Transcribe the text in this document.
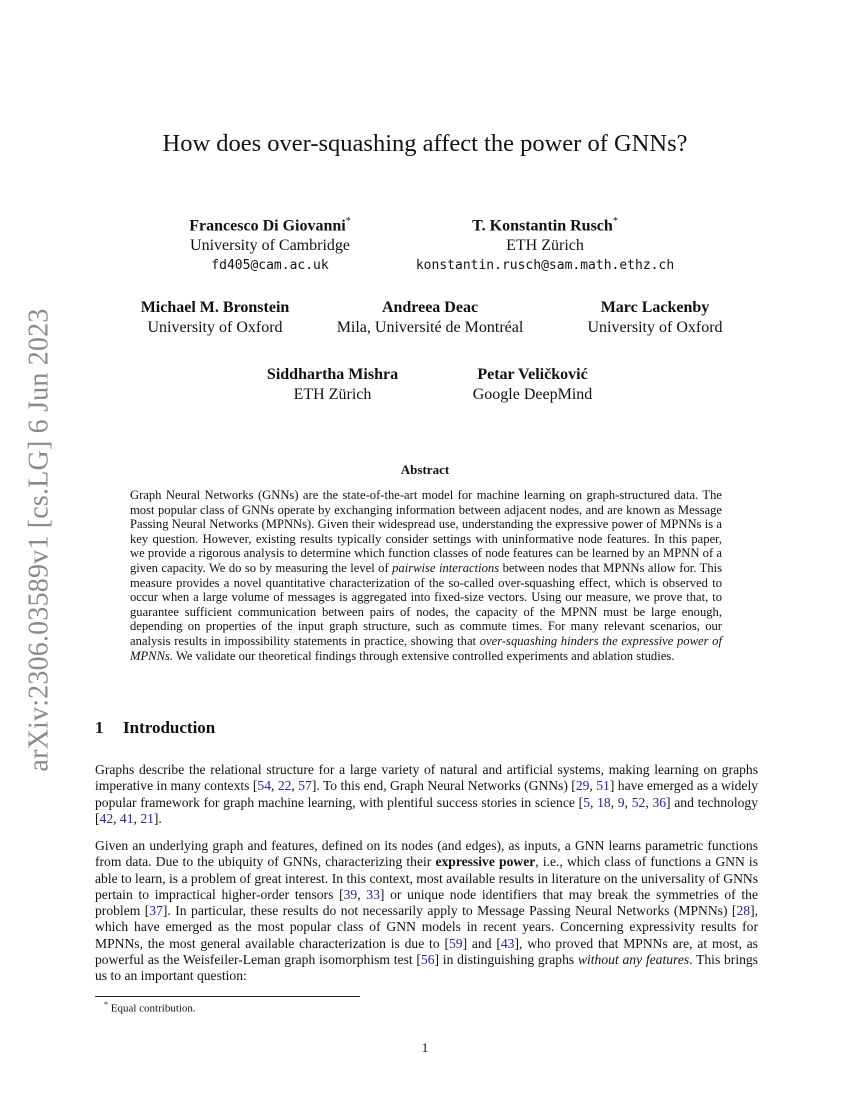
arXiv:2306.03589v1 [cs.LG] 6 Jun 2023
How does over-squashing affect the power of GNNs?
Francesco Di Giovanni*
University of Cambridge
fd405@cam.ac.uk
T. Konstantin Rusch*
ETH Zürich
konstantin.rusch@sam.math.ethz.ch
Michael M. Bronstein
University of Oxford
Andreea Deac
Mila, Université de Montréal
Marc Lackenby
University of Oxford
Siddhartha Mishra
ETH Zürich
Petar Veličković
Google DeepMind
Abstract

Graph Neural Networks (GNNs) are the state-of-the-art model for machine learning on graph-structured data. The most popular class of GNNs operate by exchanging information between adjacent nodes, and are known as Message Passing Neural Networks (MPNNs). Given their widespread use, understanding the expressive power of MPNNs is a key question. However, existing results typically consider settings with uninformative node features. In this paper, we provide a rigorous analysis to determine which function classes of node features can be learned by an MPNN of a given capacity. We do so by measuring the level of pairwise interactions between nodes that MPNNs allow for. This measure provides a novel quantitative characterization of the so-called over-squashing effect, which is observed to occur when a large volume of messages is aggregated into fixed-size vectors. Using our measure, we prove that, to guarantee sufficient communication between pairs of nodes, the capacity of the MPNN must be large enough, depending on properties of the input graph structure, such as commute times. For many relevant scenarios, our analysis results in impossibility statements in practice, showing that over-squashing hinders the expressive power of MPNNs. We validate our theoretical findings through extensive controlled experiments and ablation studies.

1 Introduction

Graphs describe the relational structure for a large variety of natural and artificial systems, making learning on graphs imperative in many contexts [54, 22, 57]. To this end, Graph Neural Networks (GNNs) [29, 51] have emerged as a widely popular framework for graph machine learning, with plentiful success stories in science [5, 18, 9, 52, 36] and technology [42, 41, 21].

Given an underlying graph and features, defined on its nodes (and edges), as inputs, a GNN learns parametric functions from data. Due to the ubiquity of GNNs, characterizing their expressive power, i.e., which class of functions a GNN is able to learn, is a problem of great interest. In this context, most available results in literature on the universality of GNNs pertain to impractical higher-order tensors [39, 33] or unique node identifiers that may break the symmetries of the problem [37]. In particular, these results do not necessarily apply to Message Passing Neural Networks (MPNNs) [28], which have emerged as the most popular class of GNN models in recent years. Concerning expressivity results for MPNNs, the most general available characterization is due to [59] and [43], who proved that MPNNs are, at most, as powerful as the Weisfeiler-Leman graph isomorphism test [56] in distinguishing graphs without any features. This brings us to an important question:

* Equal contribution.
1
